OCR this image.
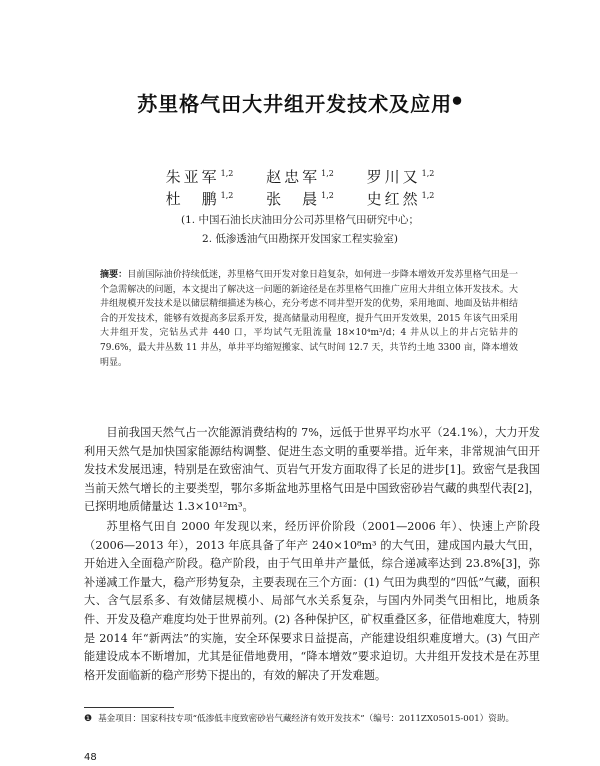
苏里格气田大井组开发技术及应用●
朱亚军$^{1,2}$ 赵忠军$^{1,2}$ 罗川又$^{1,2}$
杜　鹏$^{1,2}$ 张　晨$^{1,2}$ 史红然$^{1,2}$
(1. 中国石油长庆油田分公司苏里格气田研究中心；
2. 低渗透油气田勘探开发国家工程实验室)
摘要：目前国际油价持续低迷，苏里格气田开发对象日趋复杂，如何进一步降本增效开发苏里格气田是一个急需解决的问题，本文提出了解决这一问题的新途径是在苏里格气田推广应用大井组立体开发技术。大井组规模开发技术是以储层精细描述为核心，充分考虑不同井型开发的优势，采用地面、地面及钻井相结合的开发技术，能够有效提高多层系开发，提高储量动用程度，提升气田开发效果，2015 年该气田采用大井组开发，完钻丛式井 440 口，平均试气无阻流量 18×10⁴m³/d；4 井从以上的井占完钻井的 79.6%，最大井丛数 11 井丛，单井平均缩短搬家、试气时间 12.7 天，共节约土地 3300 亩，降本增效明显。

目前我国天然气占一次能源消费结构的 7%，远低于世界平均水平（24.1%），大力开发利用天然气是加快国家能源结构调整、促进生态文明的重要举措。近年来，非常规油气田开发技术发展迅速，特别是在致密油气、页岩气开发方面取得了长足的进步[1]。致密气是我国当前天然气增长的主要类型，鄂尔多斯盆地苏里格气田是中国致密砂岩气藏的典型代表[2]，已探明地质储量达 1.3×10¹²m³。

苏里格气田自 2000 年发现以来，经历评价阶段（2001—2006 年）、快速上产阶段（2006—2013 年），2013 年底具备了年产 240×10⁸m³ 的大气田，建成国内最大气田，开始进入全面稳产阶段。稳产阶段，由于气田单井产量低，综合递减率达到 23.8%[3]，弥补递减工作量大，稳产形势复杂，主要表现在三个方面：(1) 气田为典型的“四低”气藏，面积大、含气层系多、有效储层规模小、局部气水关系复杂，与国内外同类气田相比，地质条件、开发及稳产难度均处于世界前列。(2) 各种保护区，矿权重叠区多，征借地难度大，特别是 2014 年“新两法”的实施，安全环保要求日益提高，产能建设组织难度增大。(3) 气田产能建设成本不断增加，尤其是征借地费用，“降本增效”要求迫切。大井组开发技术是在苏里格开发面临新的稳产形势下提出的，有效的解决了开发难题。

❶ 基金项目：国家科技专项“低渗低丰度致密砂岩气藏经济有效开发技术”（编号：2011ZX05015-001）资助。
48
